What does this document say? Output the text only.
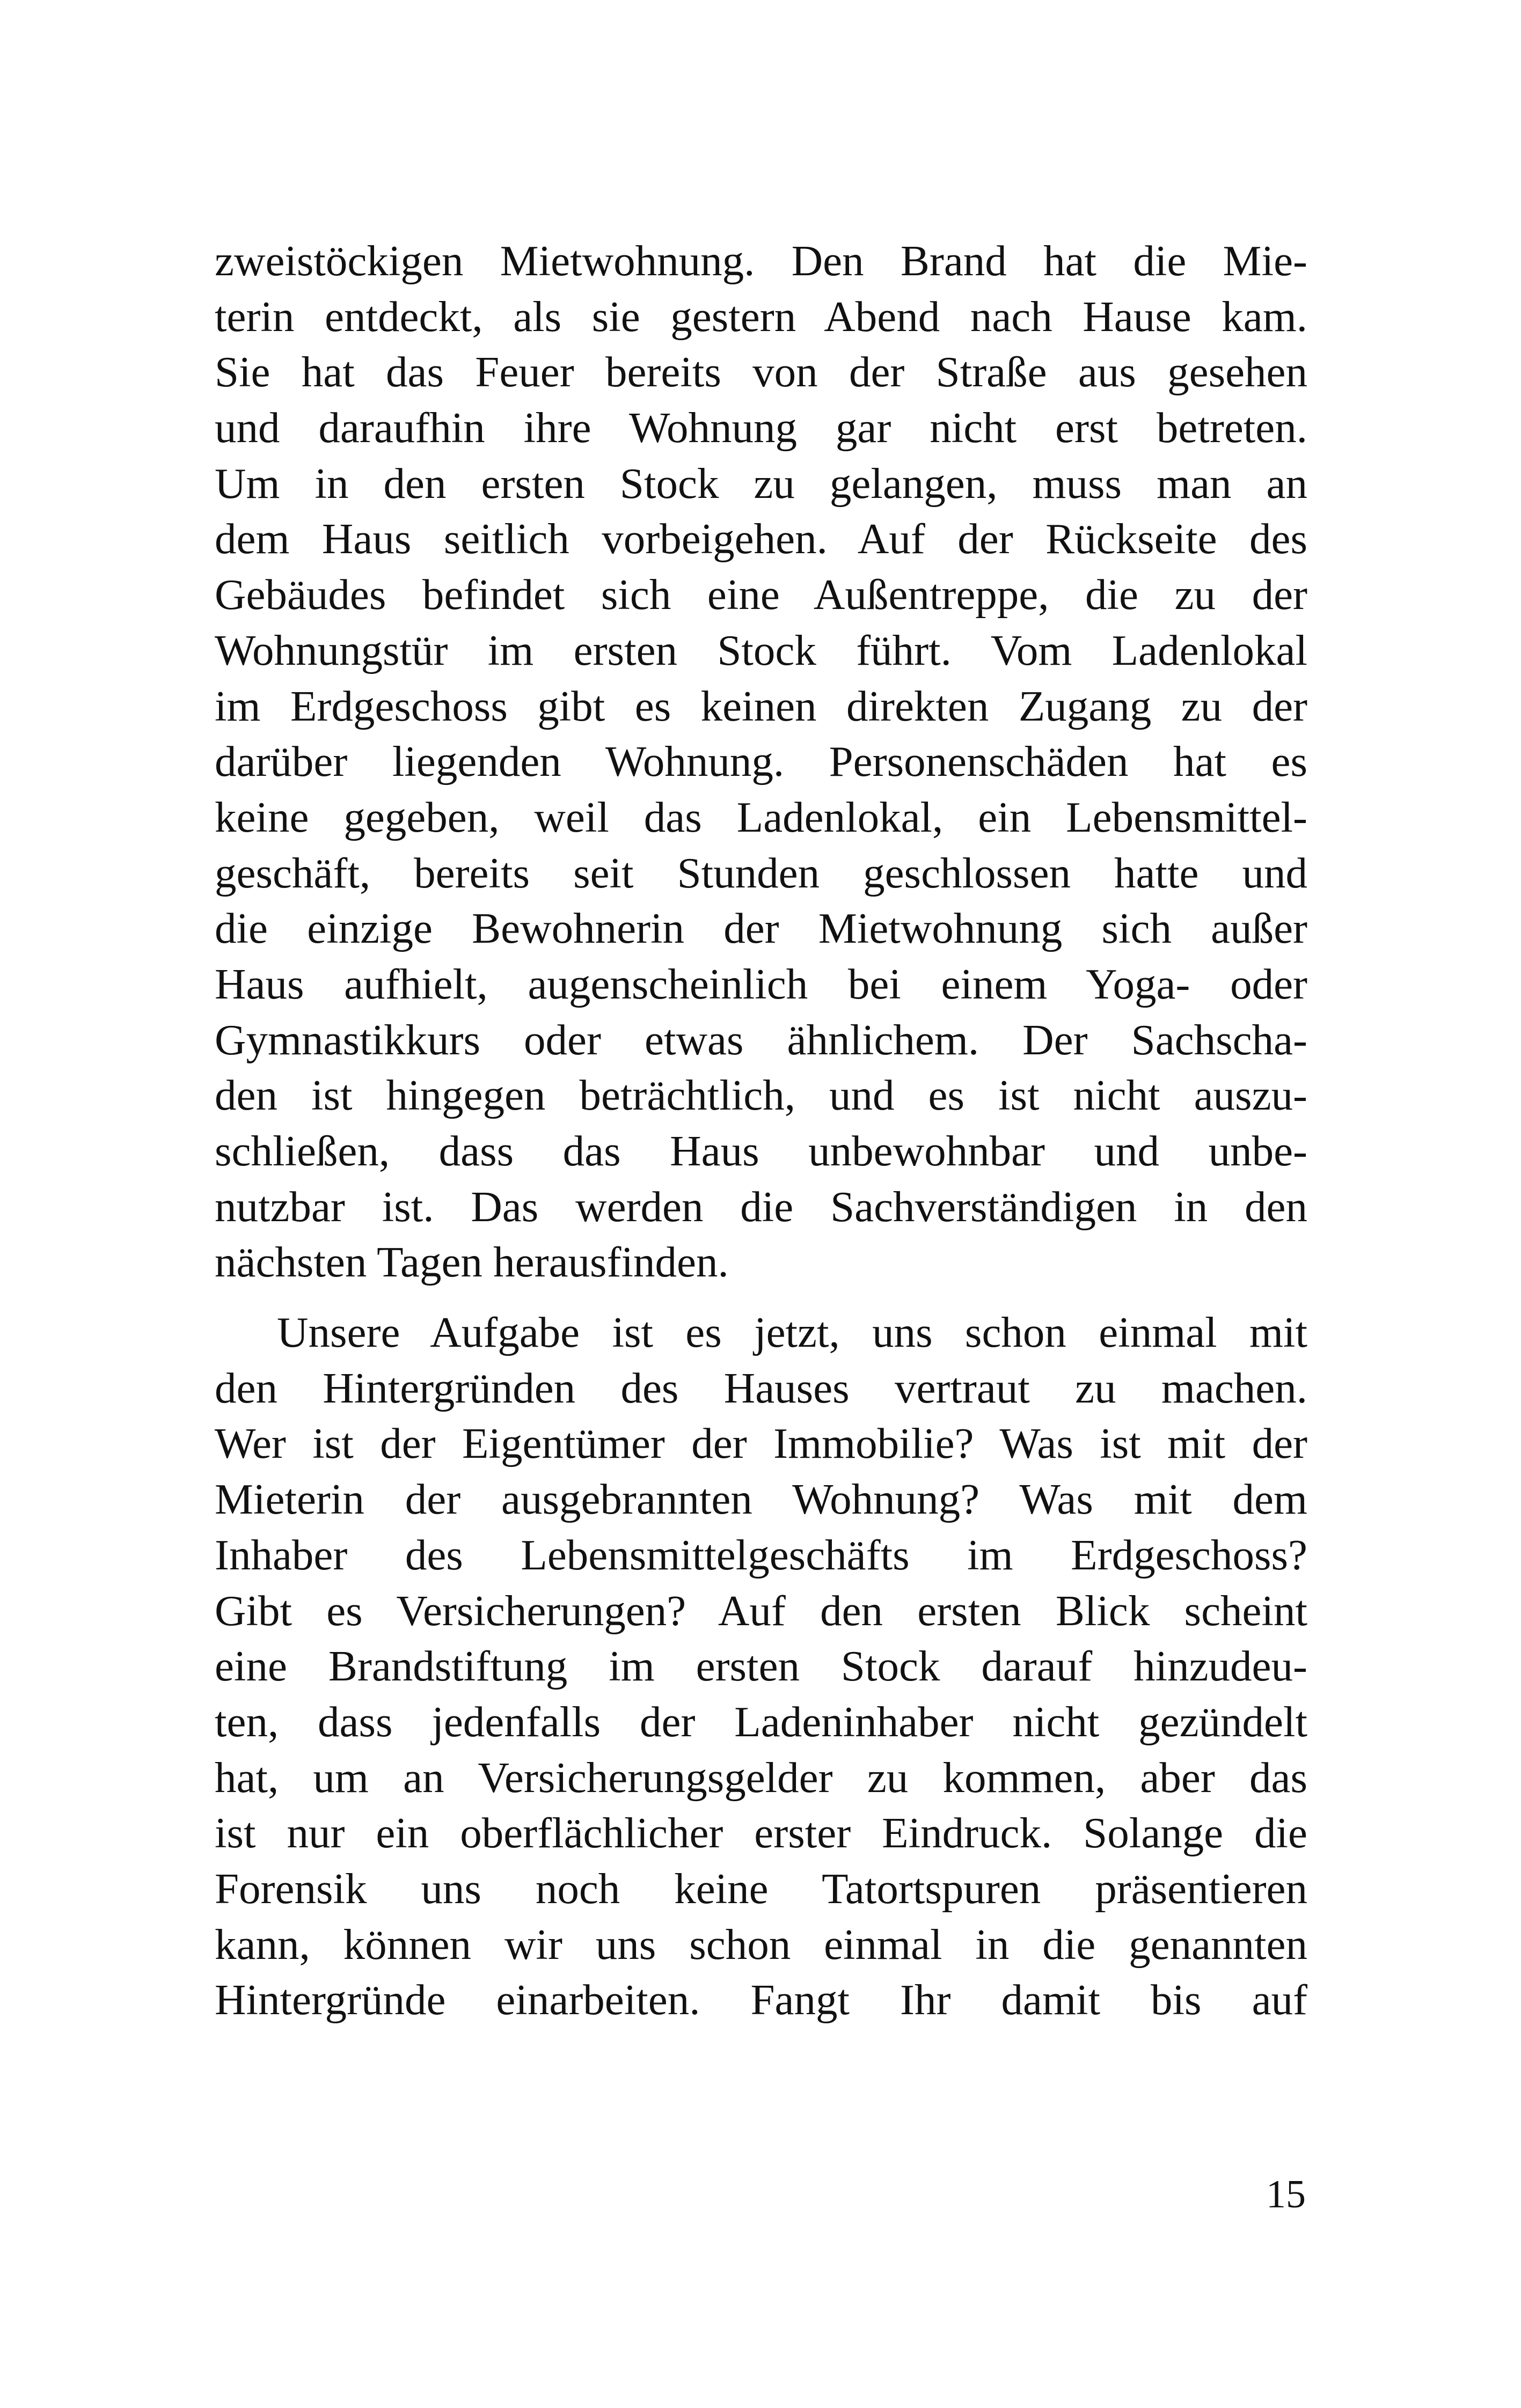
zweistöckigen Mietwohnung. Den Brand hat die Mie-
terin entdeckt, als sie gestern Abend nach Hause kam.
Sie hat das Feuer bereits von der Straße aus gesehen
und daraufhin ihre Wohnung gar nicht erst betreten.
Um in den ersten Stock zu gelangen, muss man an
dem Haus seitlich vorbeigehen. Auf der Rückseite des
Gebäudes befindet sich eine Außentreppe, die zu der
Wohnungstür im ersten Stock führt. Vom Ladenlokal
im Erdgeschoss gibt es keinen direkten Zugang zu der
darüber liegenden Wohnung. Personenschäden hat es
keine gegeben, weil das Ladenlokal, ein Lebensmittel-
geschäft, bereits seit Stunden geschlossen hatte und
die einzige Bewohnerin der Mietwohnung sich außer
Haus aufhielt, augenscheinlich bei einem Yoga- oder
Gymnastikkurs oder etwas ähnlichem. Der Sachscha-
den ist hingegen beträchtlich, und es ist nicht auszu-
schließen, dass das Haus unbewohnbar und unbe-
nutzbar ist. Das werden die Sachverständigen in den
nächsten Tagen herausfinden.
Unsere Aufgabe ist es jetzt, uns schon einmal mit
den Hintergründen des Hauses vertraut zu machen.
Wer ist der Eigentümer der Immobilie? Was ist mit der
Mieterin der ausgebrannten Wohnung? Was mit dem
Inhaber des Lebensmittelgeschäfts im Erdgeschoss?
Gibt es Versicherungen? Auf den ersten Blick scheint
eine Brandstiftung im ersten Stock darauf hinzudeu-
ten, dass jedenfalls der Ladeninhaber nicht gezündelt
hat, um an Versicherungsgelder zu kommen, aber das
ist nur ein oberflächlicher erster Eindruck. Solange die
Forensik uns noch keine Tatortspuren präsentieren
kann, können wir uns schon einmal in die genannten
Hintergründe einarbeiten. Fangt Ihr damit bis auf
15
